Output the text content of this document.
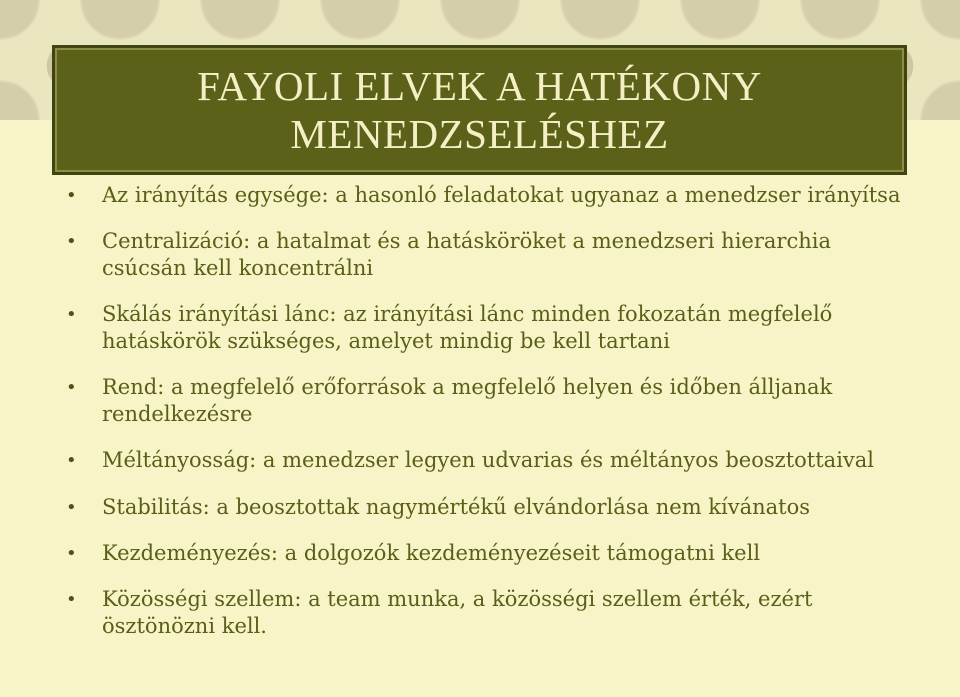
FAYOLI ELVEK A HATÉKONY MENEDZSELÉSHEZ
• Az irányítás egysége: a hasonló feladatokat ugyanaz a menedzser irányítsa
• Centralizáció: a hatalmat és a hatásköröket a menedzseri hierarchia csúcsán kell koncentrálni
• Skálás irányítási lánc: az irányítási lánc minden fokozatán megfelelő hatáskörök szükséges, amelyet mindig be kell tartani
• Rend: a megfelelő erőforrások a megfelelő helyen és időben álljanak rendelkezésre
• Méltányosság: a menedzser legyen udvarias és méltányos beosztottaival
• Stabilitás: a beosztottak nagymértékű elvándorlása nem kívánatos
• Kezdeményezés: a dolgozók kezdeményezéseit támogatni kell
• Közösségi szellem: a team munka, a közösségi szellem érték, ezért ösztönözni kell.
